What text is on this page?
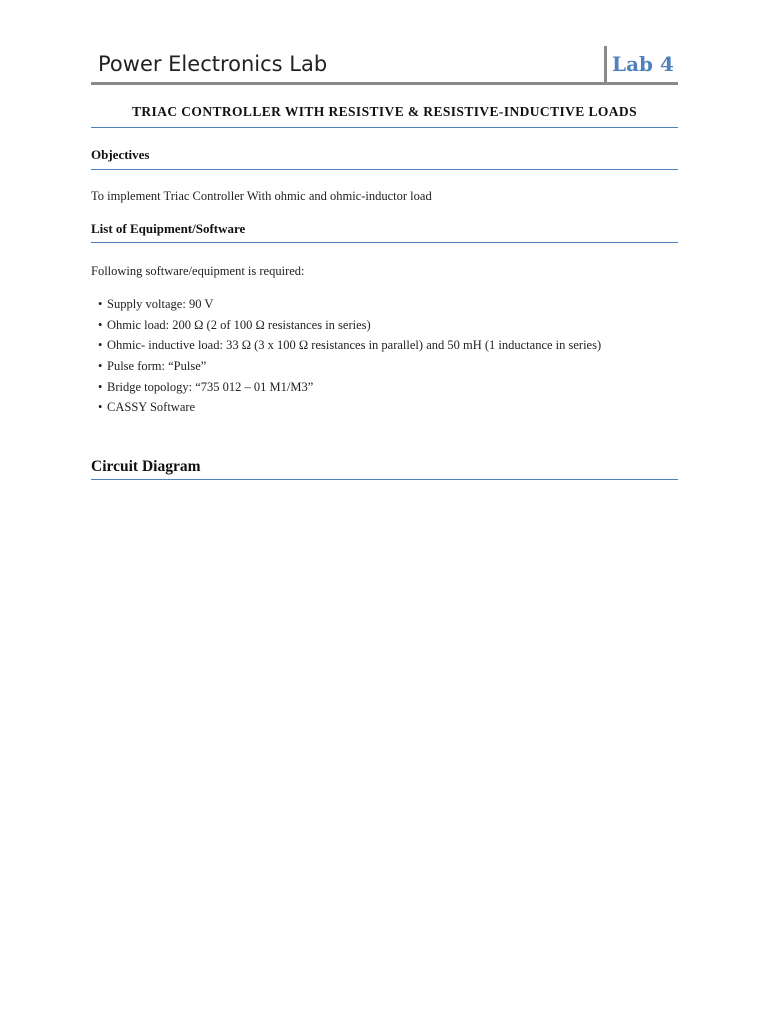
Power Electronics Lab	Lab 4
TRIAC CONTROLLER WITH RESISTIVE & RESISTIVE-INDUCTIVE LOADS
Objectives
To implement Triac Controller With ohmic and ohmic-inductor load
List of Equipment/Software
Following software/equipment is required:
• Supply voltage: 90 V
• Ohmic load: 200 Ω (2 of 100 Ω resistances in series)
• Ohmic- inductive load: 33 Ω (3 x 100 Ω resistances in parallel) and 50 mH (1 inductance in series)
• Pulse form: “Pulse”
• Bridge topology: “735 012 – 01 M1/M3”
• CASSY Software
Circuit Diagram
